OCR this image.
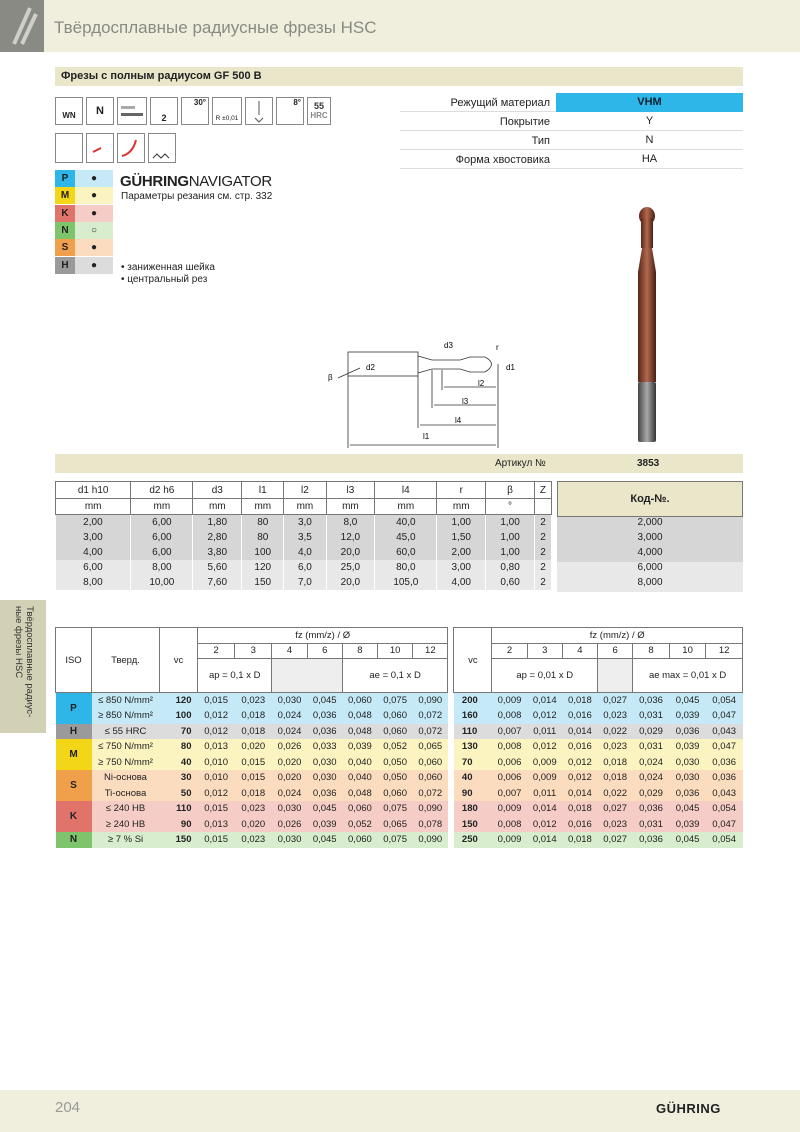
Твёрдосплавные радиусные фрезы HSC
Фрезы с полным радиусом GF 500 B
WN	N
2
30°
R ±0,01
8°	55
HRC
GÜHRINGNAVIGATOR
Параметры резания см. стр. 332
• заниженная шейка
• центральный рез
d3	r
d2	d1
β
l2
l3
l4
l1
Артикул №	3853
d1 h10	d2 h6	d3	l1	l2	l3	l4	r	β	Z
mm	mm	mm	mm	mm	mm	mm	mm	°	
2,00	6,00	1,80	80	3,0	8,0	40,0	1,00	1,00	2
3,00	6,00	2,80	80	3,5	12,0	45,0	1,50	1,00	2
4,00	6,00	3,80	100	4,0	20,0	60,0	2,00	1,00	2
6,00	8,00	5,60	120	6,0	25,0	80,0	3,00	0,80	2
8,00	10,00	7,60	150	7,0	20,0	105,0	4,00	0,60	2
Код-№.
2,000
3,000
4,000
6,000
8,000
Твёрдосплавные радиус-ные фрезы HSC	ISO	Тверд.	vc	fz (mm/z) / Ø								vc	fz (mm/z) / Ø						
			2	3	4	6	8	10	12			2	3	4	6	8	10	12
			ap = 0,1 x D				ae = 0,1 x D					ap = 0,01 x D				ae max = 0,01 x D		
P	≤ 850 N/mm²	120	0,015	0,023	0,030	0,045	0,060	0,075	0,090		200	0,009	0,014	0,018	0,027	0,036	0,045	0,054
	≥ 850 N/mm²	100	0,012	0,018	0,024	0,036	0,048	0,060	0,072		160	0,008	0,012	0,016	0,023	0,031	0,039	0,047
H	≤ 55 HRC	70	0,012	0,018	0,024	0,036	0,048	0,060	0,072		110	0,007	0,011	0,014	0,022	0,029	0,036	0,043
M	≤ 750 N/mm²	80	0,013	0,020	0,026	0,033	0,039	0,052	0,065		130	0,008	0,012	0,016	0,023	0,031	0,039	0,047
	≥ 750 N/mm²	40	0,010	0,015	0,020	0,030	0,040	0,050	0,060		70	0,006	0,009	0,012	0,018	0,024	0,030	0,036
S	Ni-основа	30	0,010	0,015	0,020	0,030	0,040	0,050	0,060		40	0,006	0,009	0,012	0,018	0,024	0,030	0,036
	Ti-основа	50	0,012	0,018	0,024	0,036	0,048	0,060	0,072		90	0,007	0,011	0,014	0,022	0,029	0,036	0,043
K	≤ 240 HB	110	0,015	0,023	0,030	0,045	0,060	0,075	0,090		180	0,009	0,014	0,018	0,027	0,036	0,045	0,054
	≥ 240 HB	90	0,013	0,020	0,026	0,039	0,052	0,065	0,078		150	0,008	0,012	0,016	0,023	0,031	0,039	0,047
N	≥ 7 % Si	150	0,015	0,023	0,030	0,045	0,060	0,075	0,090		250	0,009	0,014	0,018	0,027	0,036	0,045	0,054
204	GÜHRING
Режущий материал	VHM
Покрытие	Y
Тип	N
Форма хвостовика	HA
P	●
M	●
K	●
N	○
S	●
H	●
